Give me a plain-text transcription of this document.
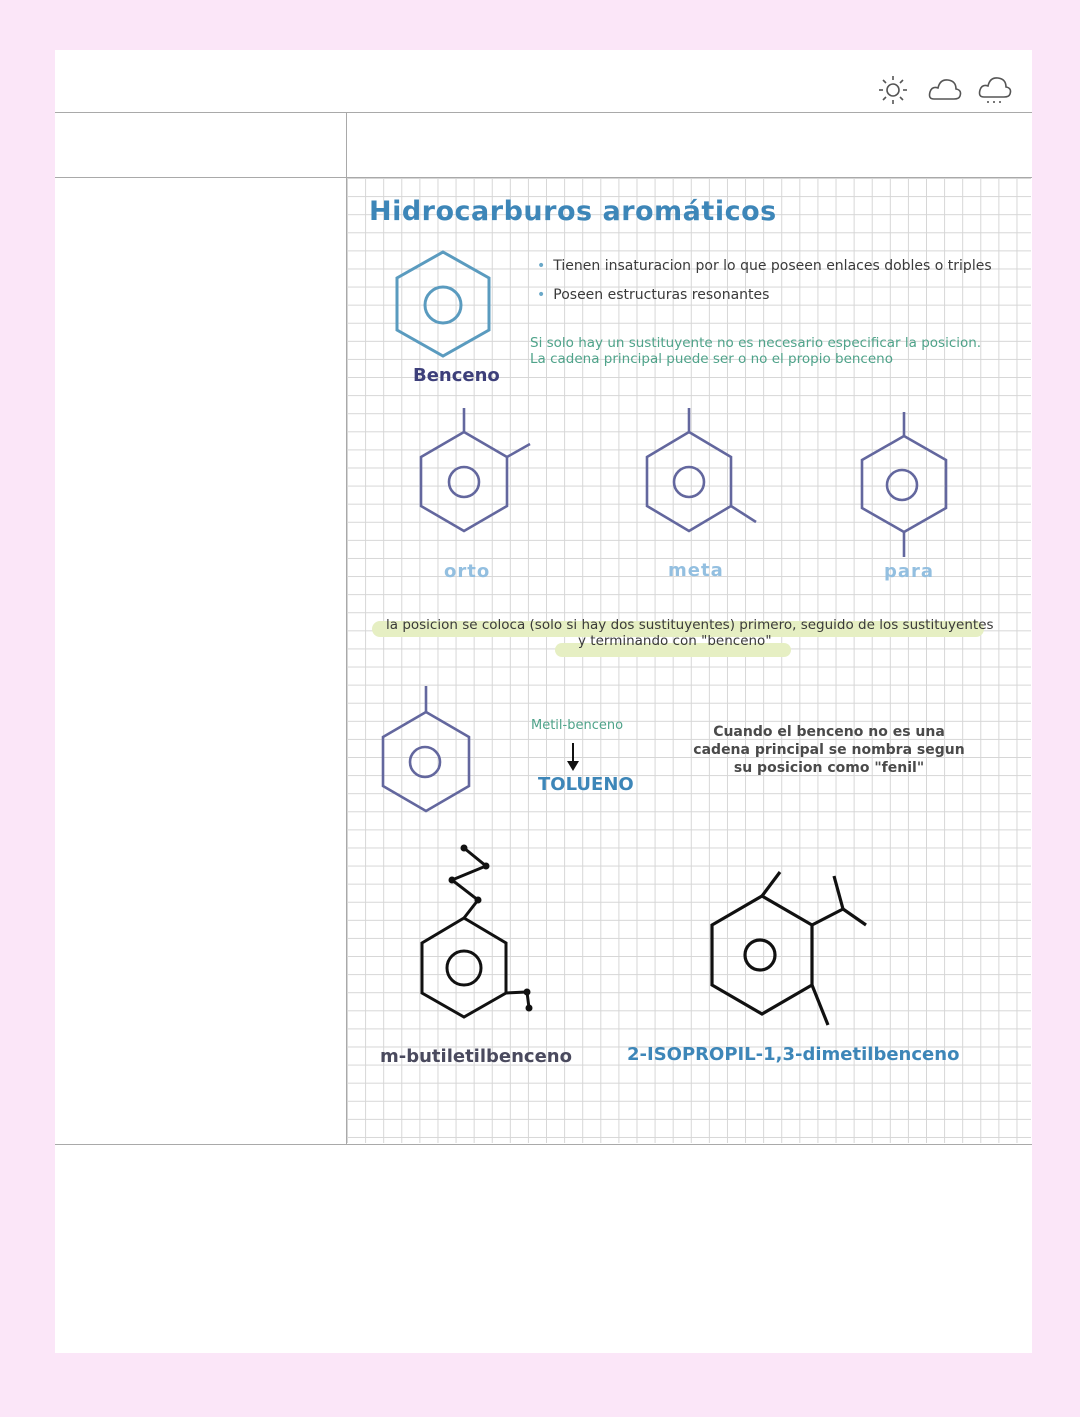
Hidrocarburos aromáticos
• Tienen insaturacion por lo que poseen enlaces dobles o triples
• Poseen estructuras resonantes
Si solo hay un sustituyente no es necesario especificar la posicion.
La cadena principal puede ser o no el propio benceno
Benceno
orto	meta	para
la posicion se coloca (solo si hay dos sustituyentes) primero, seguido de los sustituyentes
y terminando con "benceno"
Metil-benceno
TOLUENO
Cuando el benceno no es una cadena principal se nombra segun su posicion como "fenil"
m-butiletilbenceno	2-ISOPROPIL-1,3-dimetilbenceno
